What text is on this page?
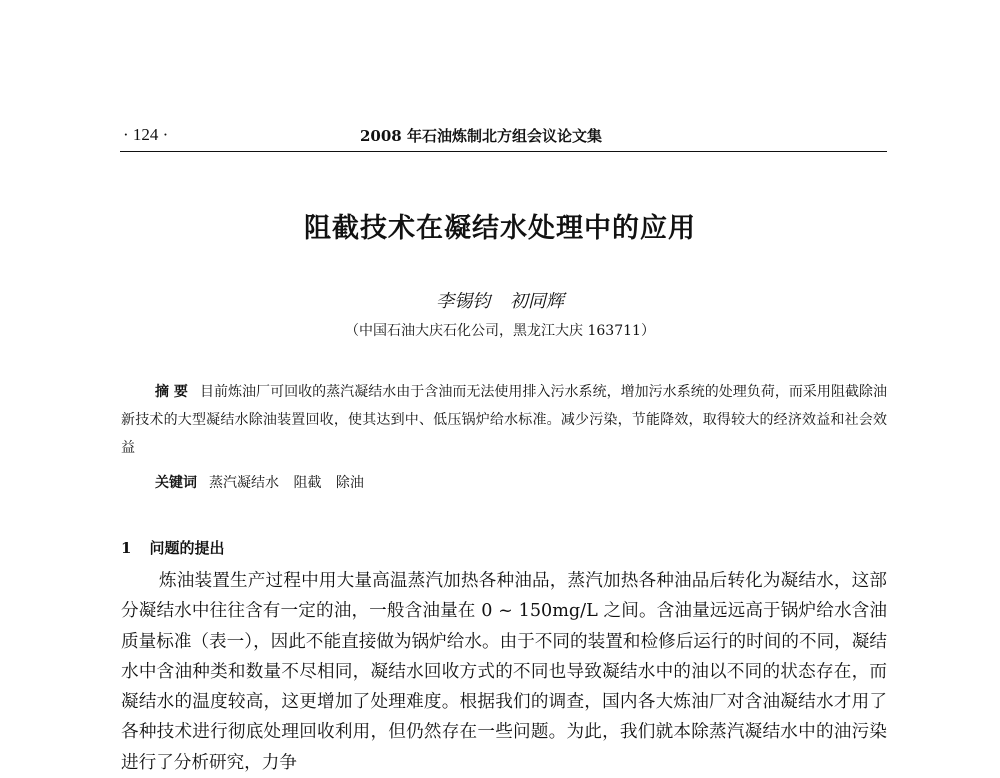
· 124 ·	2008 年石油炼制北方组会议论文集
阻截技术在凝结水处理中的应用
李锡钧 初同辉
（中国石油大庆石化公司，黑龙江大庆 163711）
摘 要 目前炼油厂可回收的蒸汽凝结水由于含油而无法使用排入污水系统，增加污水系统的处理负荷，而采用阻截除油新技术的大型凝结水除油装置回收，使其达到中、低压锅炉给水标准。减少污染，节能降效，取得较大的经济效益和社会效益
关键词 蒸汽凝结水 阻截 除油
1 问题的提出
炼油装置生产过程中用大量高温蒸汽加热各种油品，蒸汽加热各种油品后转化为凝结水，这部分凝结水中往往含有一定的油，一般含油量在 0 ~ 150mg/L 之间。含油量远远高于锅炉给水含油质量标准（表一），因此不能直接做为锅炉给水。由于不同的装置和检修后运行的时间的不同，凝结水中含油种类和数量不尽相同，凝结水回收方式的不同也导致凝结水中的油以不同的状态存在，而凝结水的温度较高，这更增加了处理难度。根据我们的调查，国内各大炼油厂对含油凝结水才用了各种技术进行彻底处理回收利用，但仍然存在一些问题。为此，我们就本除蒸汽凝结水中的油污染进行了分析研究，力争
